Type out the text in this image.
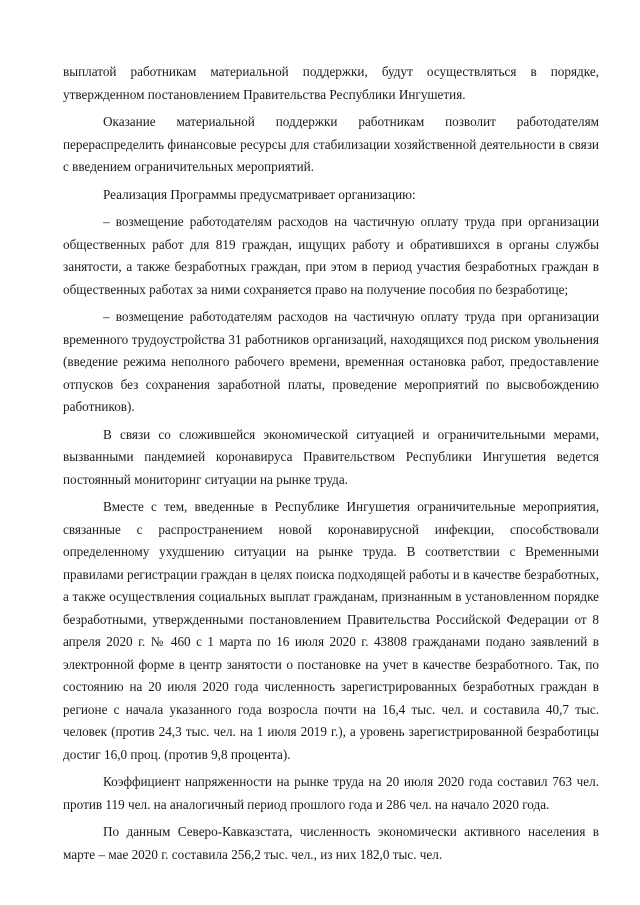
выплатой работникам материальной поддержки, будут осуществляться в порядке, утвержденном постановлением Правительства Республики Ингушетия.

Оказание материальной поддержки работникам позволит работодателям перераспределить финансовые ресурсы для стабилизации хозяйственной деятельности в связи с введением ограничительных мероприятий.

Реализация Программы предусматривает организацию:

– возмещение работодателям расходов на частичную оплату труда при организации общественных работ для 819 граждан, ищущих работу и обратившихся в органы службы занятости, а также безработных граждан, при этом в период участия безработных граждан в общественных работах за ними сохраняется право на получение пособия по безработице;

– возмещение работодателям расходов на частичную оплату труда при организации временного трудоустройства 31 работников организаций, находящихся под риском увольнения (введение режима неполного рабочего времени, временная остановка работ, предоставление отпусков без сохранения заработной платы, проведение мероприятий по высвобождению работников).

В связи со сложившейся экономической ситуацией и ограничительными мерами, вызванными пандемией коронавируса Правительством Республики Ингушетия ведется постоянный мониторинг ситуации на рынке труда.

Вместе с тем, введенные в Республике Ингушетия ограничительные мероприятия, связанные с распространением новой коронавирусной инфекции, способствовали определенному ухудшению ситуации на рынке труда. В соответствии с Временными правилами регистрации граждан в целях поиска подходящей работы и в качестве безработных, а также осуществления социальных выплат гражданам, признанным в установленном порядке безработными, утвержденными постановлением Правительства Российской Федерации от 8 апреля 2020 г. № 460 с 1 марта по 16 июля 2020 г. 43808 гражданами подано заявлений в электронной форме в центр занятости о постановке на учет в качестве безработного. Так, по состоянию на 20 июля 2020 года численность зарегистрированных безработных граждан в регионе с начала указанного года возросла почти на 16,4 тыс. чел. и составила 40,7 тыс. человек (против 24,3 тыс. чел. на 1 июля 2019 г.), а уровень зарегистрированной безработицы достиг 16,0 проц. (против 9,8 процента).

Коэффициент напряженности на рынке труда на 20 июля 2020 года составил 763 чел. против 119 чел. на аналогичный период прошлого года и 286 чел. на начало 2020 года.

По данным Северо-Кавказстата, численность экономически активного населения в марте – мае 2020 г. составила 256,2 тыс. чел., из них 182,0 тыс. чел.
